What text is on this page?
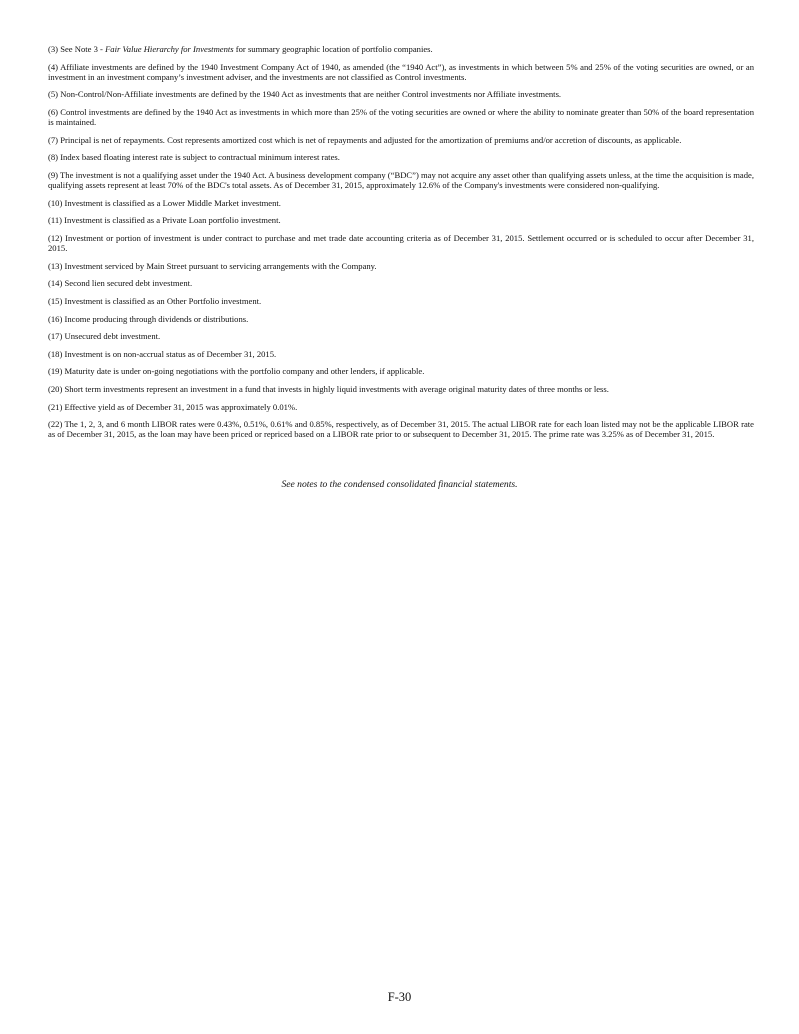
(3) See Note 3 - Fair Value Hierarchy for Investments for summary geographic location of portfolio companies.

(4) Affiliate investments are defined by the 1940 Investment Company Act of 1940, as amended (the “1940 Act”), as investments in which between 5% and 25% of the voting securities are owned, or an investment in an investment company’s investment adviser, and the investments are not classified as Control investments.

(5) Non-Control/Non-Affiliate investments are defined by the 1940 Act as investments that are neither Control investments nor Affiliate investments.

(6) Control investments are defined by the 1940 Act as investments in which more than 25% of the voting securities are owned or where the ability to nominate greater than 50% of the board representation is maintained.

(7) Principal is net of repayments. Cost represents amortized cost which is net of repayments and adjusted for the amortization of premiums and/or accretion of discounts, as applicable.

(8) Index based floating interest rate is subject to contractual minimum interest rates.

(9) The investment is not a qualifying asset under the 1940 Act. A business development company (“BDC”) may not acquire any asset other than qualifying assets unless, at the time the acquisition is made, qualifying assets represent at least 70% of the BDC's total assets. As of December 31, 2015, approximately 12.6% of the Company's investments were considered non-qualifying.

(10) Investment is classified as a Lower Middle Market investment.

(11) Investment is classified as a Private Loan portfolio investment.

(12) Investment or portion of investment is under contract to purchase and met trade date accounting criteria as of December 31, 2015. Settlement occurred or is scheduled to occur after December 31, 2015.

(13) Investment serviced by Main Street pursuant to servicing arrangements with the Company.

(14) Second lien secured debt investment.

(15) Investment is classified as an Other Portfolio investment.

(16) Income producing through dividends or distributions.

(17) Unsecured debt investment.

(18) Investment is on non-accrual status as of December 31, 2015.

(19) Maturity date is under on-going negotiations with the portfolio company and other lenders, if applicable.

(20) Short term investments represent an investment in a fund that invests in highly liquid investments with average original maturity dates of three months or less.

(21) Effective yield as of December 31, 2015 was approximately 0.01%.

(22) The 1, 2, 3, and 6 month LIBOR rates were 0.43%, 0.51%, 0.61% and 0.85%, respectively, as of December 31, 2015. The actual LIBOR rate for each loan listed may not be the applicable LIBOR rate as of December 31, 2015, as the loan may have been priced or repriced based on a LIBOR rate prior to or subsequent to December 31, 2015. The prime rate was 3.25% as of December 31, 2015.

See notes to the condensed consolidated financial statements.
F-30
